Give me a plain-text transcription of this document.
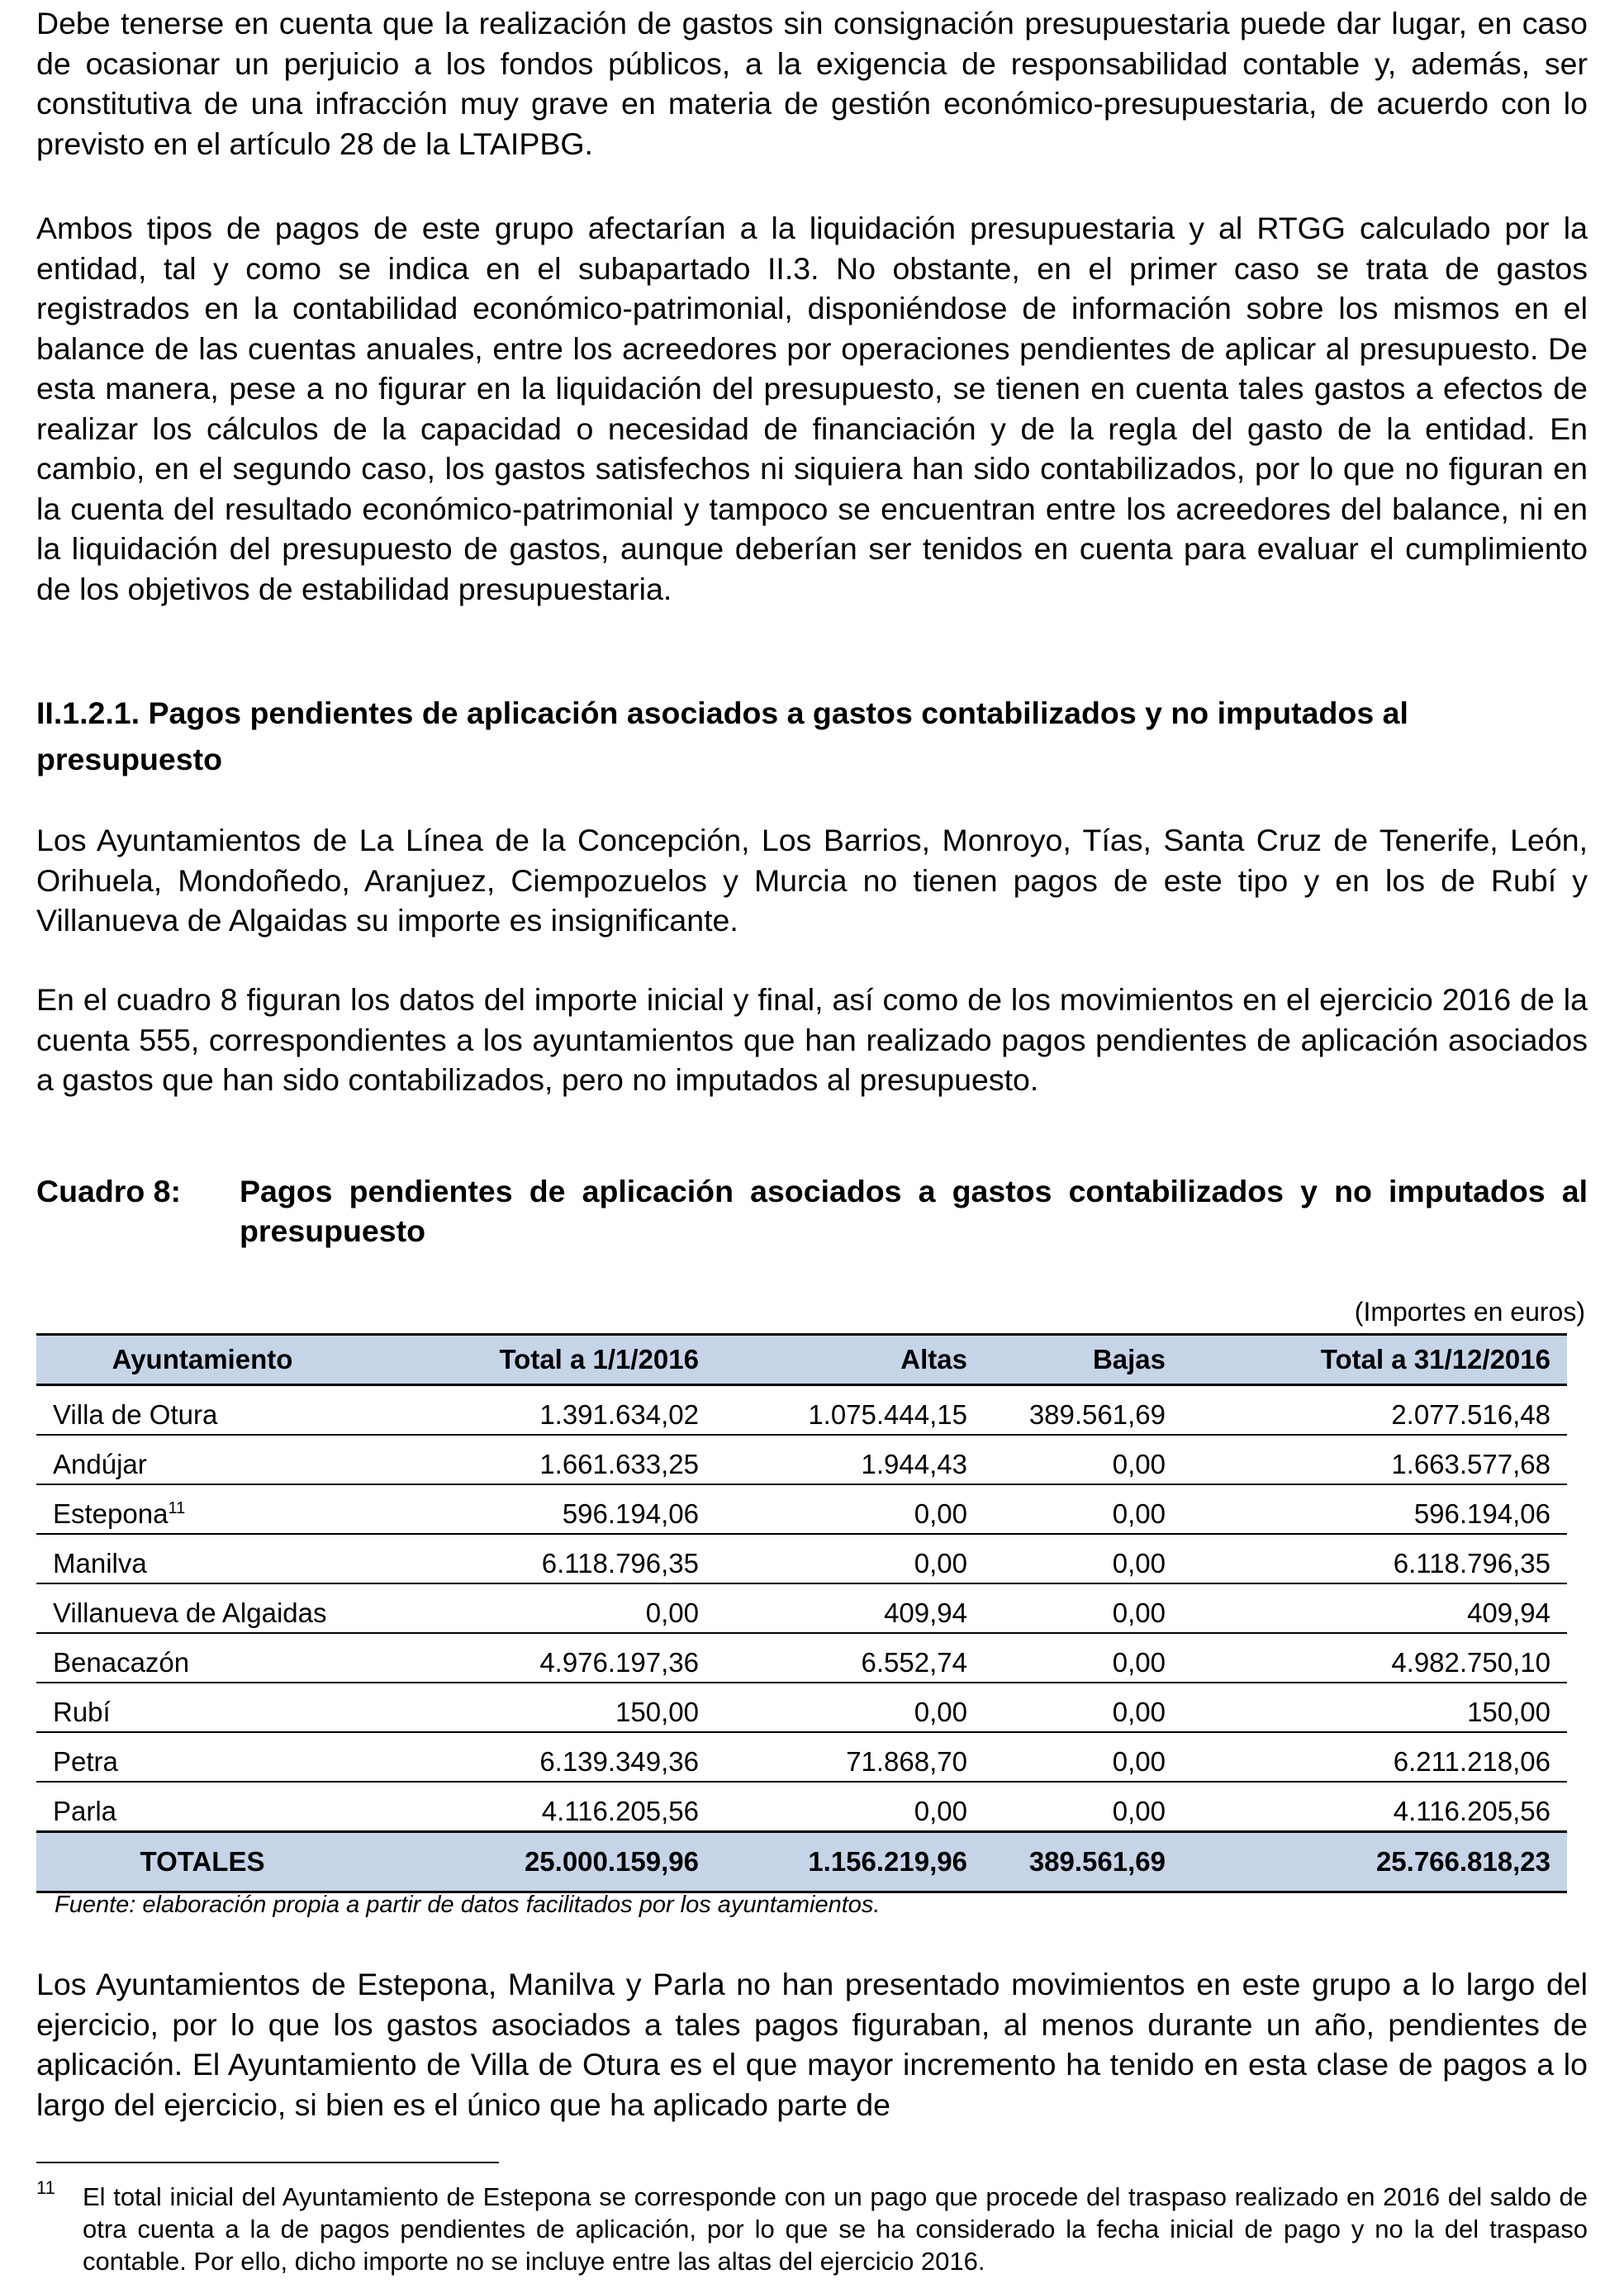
Debe tenerse en cuenta que la realización de gastos sin consignación presupuestaria puede dar lugar, en caso de ocasionar un perjuicio a los fondos públicos, a la exigencia de responsabilidad contable y, además, ser constitutiva de una infracción muy grave en materia de gestión económico-presupuestaria, de acuerdo con lo previsto en el artículo 28 de la LTAIPBG.

Ambos tipos de pagos de este grupo afectarían a la liquidación presupuestaria y al RTGG calculado por la entidad, tal y como se indica en el subapartado II.3. No obstante, en el primer caso se trata de gastos registrados en la contabilidad económico-patrimonial, disponiéndose de información sobre los mismos en el balance de las cuentas anuales, entre los acreedores por operaciones pendientes de aplicar al presupuesto. De esta manera, pese a no figurar en la liquidación del presupuesto, se tienen en cuenta tales gastos a efectos de realizar los cálculos de la capacidad o necesidad de financiación y de la regla del gasto de la entidad. En cambio, en el segundo caso, los gastos satisfechos ni siquiera han sido contabilizados, por lo que no figuran en la cuenta del resultado económico-patrimonial y tampoco se encuentran entre los acreedores del balance, ni en la liquidación del presupuesto de gastos, aunque deberían ser tenidos en cuenta para evaluar el cumplimiento de los objetivos de estabilidad presupuestaria.

II.1.2.1. Pagos pendientes de aplicación asociados a gastos contabilizados y no imputados al presupuesto

Los Ayuntamientos de La Línea de la Concepción, Los Barrios, Monroyo, Tías, Santa Cruz de Tenerife, León, Orihuela, Mondoñedo, Aranjuez, Ciempozuelos y Murcia no tienen pagos de este tipo y en los de Rubí y Villanueva de Algaidas su importe es insignificante.

En el cuadro 8 figuran los datos del importe inicial y final, así como de los movimientos en el ejercicio 2016 de la cuenta 555, correspondientes a los ayuntamientos que han realizado pagos pendientes de aplicación asociados a gastos que han sido contabilizados, pero no imputados al presupuesto.

Cuadro 8: Pagos pendientes de aplicación asociados a gastos contabilizados y no imputados al presupuesto
(Importes en euros)
Ayuntamiento	Total a 1/1/2016	Altas	Bajas	Total a 31/12/2016
Villa de Otura	1.391.634,02	1.075.444,15	389.561,69	2.077.516,48
Andújar	1.661.633,25	1.944,43	0,00	1.663.577,68
Estepona$^{11}$	596.194,06	0,00	0,00	596.194,06
Manilva	6.118.796,35	0,00	0,00	6.118.796,35
Villanueva de Algaidas	0,00	409,94	0,00	409,94
Benacazón	4.976.197,36	6.552,74	0,00	4.982.750,10
Rubí	150,00	0,00	0,00	150,00
Petra	6.139.349,36	71.868,70	0,00	6.211.218,06
Parla	4.116.205,56	0,00	0,00	4.116.205,56
TOTALES	25.000.159,96	1.156.219,96	389.561,69	25.766.818,23
Fuente: elaboración propia a partir de datos facilitados por los ayuntamientos.

Los Ayuntamientos de Estepona, Manilva y Parla no han presentado movimientos en este grupo a lo largo del ejercicio, por lo que los gastos asociados a tales pagos figuraban, al menos durante un año, pendientes de aplicación. El Ayuntamiento de Villa de Otura es el que mayor incremento ha tenido en esta clase de pagos a lo largo del ejercicio, si bien es el único que ha aplicado parte de

11 El total inicial del Ayuntamiento de Estepona se corresponde con un pago que procede del traspaso realizado en 2016 del saldo de otra cuenta a la de pagos pendientes de aplicación, por lo que se ha considerado la fecha inicial de pago y no la del traspaso contable. Por ello, dicho importe no se incluye entre las altas del ejercicio 2016.
